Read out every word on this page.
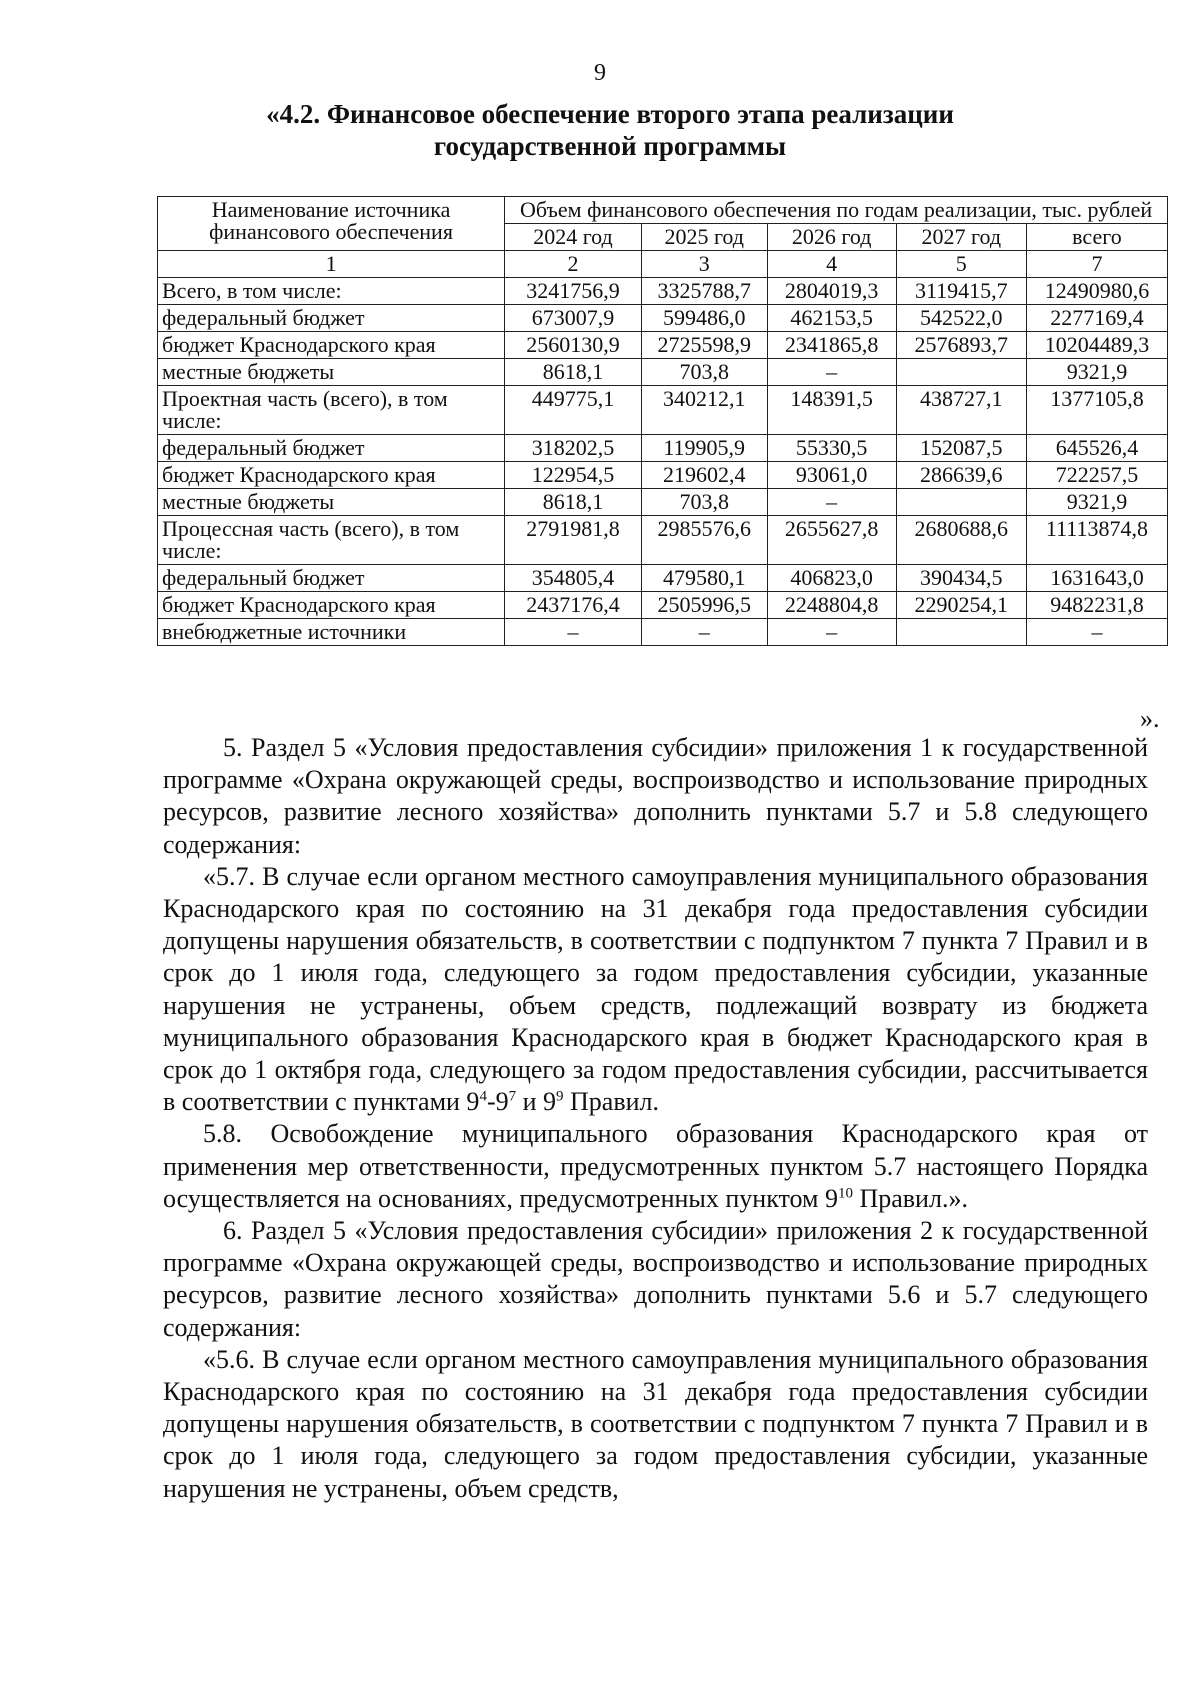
9
«4.2. Финансовое обеспечение второго этапа реализации
государственной программы
Наименование источника финансового обеспечения	Объем финансового обеспечения по годам реализации, тыс. рублей				
	2024 год	2025 год	2026 год	2027 год	всего
1	2	3	4	5	7
Всего, в том числе:	3241756,9	3325788,7	2804019,3	3119415,7	12490980,6
федеральный бюджет	673007,9	599486,0	462153,5	542522,0	2277169,4
бюджет Краснодарского края	2560130,9	2725598,9	2341865,8	2576893,7	10204489,3
местные бюджеты	8618,1	703,8	–		9321,9
Проектная часть (всего), в том числе:	449775,1	340212,1	148391,5	438727,1	1377105,8
федеральный бюджет	318202,5	119905,9	55330,5	152087,5	645526,4
бюджет Краснодарского края	122954,5	219602,4	93061,0	286639,6	722257,5
местные бюджеты	8618,1	703,8	–		9321,9
Процессная часть (всего), в том числе:	2791981,8	2985576,6	2655627,8	2680688,6	11113874,8
федеральный бюджет	354805,4	479580,1	406823,0	390434,5	1631643,0
бюджет Краснодарского края	2437176,4	2505996,5	2248804,8	2290254,1	9482231,8
внебюджетные источники	–	–	–		–
».

5. Раздел 5 «Условия предоставления субсидии» приложения 1 к государственной программе «Охрана окружающей среды, воспроизводство и использование природных ресурсов, развитие лесного хозяйства» дополнить пунктами 5.7 и 5.8 следующего содержания:

«5.7. В случае если органом местного самоуправления муниципального образования Краснодарского края по состоянию на 31 декабря года предоставления субсидии допущены нарушения обязательств, в соответствии с подпунктом 7 пункта 7 Правил и в срок до 1 июля года, следующего за годом предоставления субсидии, указанные нарушения не устранены, объем средств, подлежащий возврату из бюджета муниципального образования Краснодарского края в бюджет Краснодарского края в срок до 1 октября года, следующего за годом предоставления субсидии, рассчитывается в соответствии с пунктами $9^4-9^7$ и $9^9$ Правил.

5.8. Освобождение муниципального образования Краснодарского края от применения мер ответственности, предусмотренных пунктом 5.7 настоящего Порядка осуществляется на основаниях, предусмотренных пунктом $9^{10}$ Правил.».

6. Раздел 5 «Условия предоставления субсидии» приложения 2 к государственной программе «Охрана окружающей среды, воспроизводство и использование природных ресурсов, развитие лесного хозяйства» дополнить пунктами 5.6 и 5.7 следующего содержания:

«5.6. В случае если органом местного самоуправления муниципального образования Краснодарского края по состоянию на 31 декабря года предоставления субсидии допущены нарушения обязательств, в соответствии с подпунктом 7 пункта 7 Правил и в срок до 1 июля года, следующего за годом предоставления субсидии, указанные нарушения не устранены, объем средств,
